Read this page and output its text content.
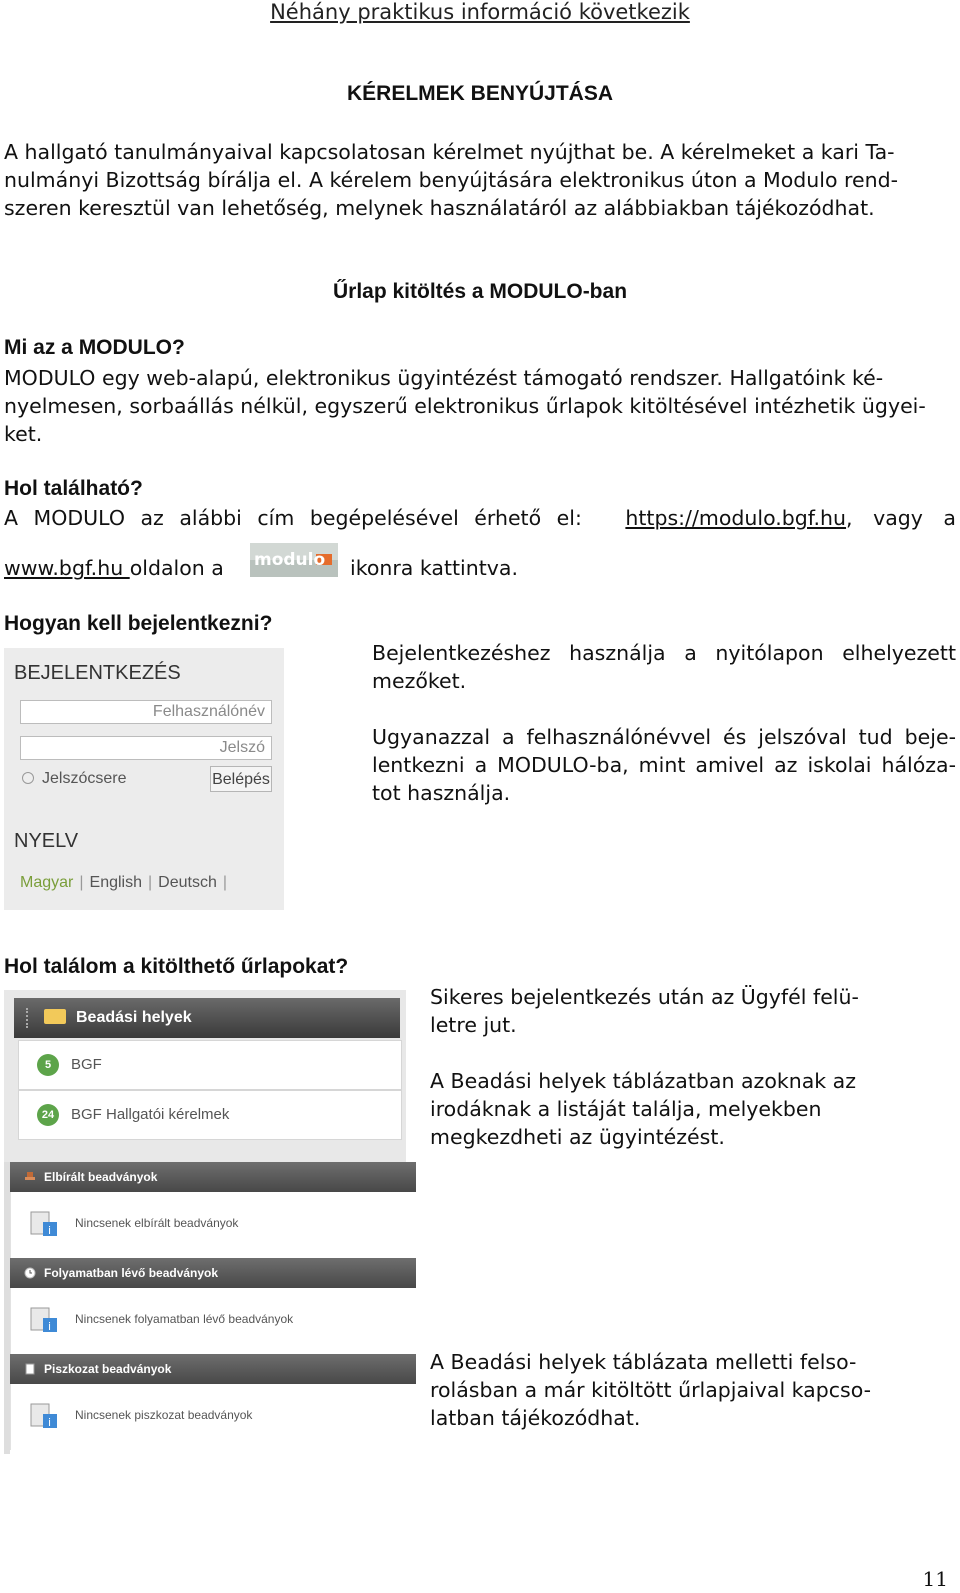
Néhány praktikus információ következik
KÉRELMEK BENYÚJTÁSA
A hallgató tanulmányaival kapcsolatosan kérelmet nyújthat be. A kérelmeket a kari Ta-
nulmányi Bizottság bírálja el. A kérelem benyújtására elektronikus úton a Modulo rend-
szeren keresztül van lehetőség, melynek használatáról az alábbiakban tájékozódhat.
Űrlap kitöltés a MODULO-ban
Mi az a MODULO?
MODULO egy web-alapú, elektronikus ügyintézést támogató rendszer. Hallgatóink ké-
nyelmesen, sorbaállás nélkül, egyszerű elektronikus űrlapok kitöltésével intézhetik ügyei-
ket.
Hol található?
A MODULO az alábbi cím begépelésével érhető el: https://modulo.bgf.hu, vagy a
www.bgf.hu oldalon a modulo ikonra kattintva.
Hogyan kell bejelentkezni?
BEJELENTKEZÉS
Felhasználónév
Jelszó
Jelszócsere	Belépés
NYELV
Magyar | English | Deutsch |
Bejelentkezéshez használja a nyitólapon elhelyezett
mezőket.
Ugyanazzal a felhasználónévvel és jelszóval tud beje-
lentkezni a MODULO-ba, mint amivel az iskolai hálóza-
tot használja.
Hol találom a kitölthető űrlapokat?
Beadási helyek
5 BGF
24 BGF Hallgatói kérelmek
Elbírált beadványok
i
Nincsenek elbírált beadványok
Folyamatban lévő beadványok
i
Nincsenek folyamatban lévő beadványok
Piszkozat beadványok
i
Nincsenek piszkozat beadványok
Sikeres bejelentkezés után az Ügyfél felü-
letre jut.
A Beadási helyek táblázatban azoknak az
irodáknak a listáját találja, melyekben
megkezdheti az ügyintézést.
A Beadási helyek táblázata melletti felso-
rolásban a már kitöltött űrlapjaival kapcso-
latban tájékozódhat.
11
